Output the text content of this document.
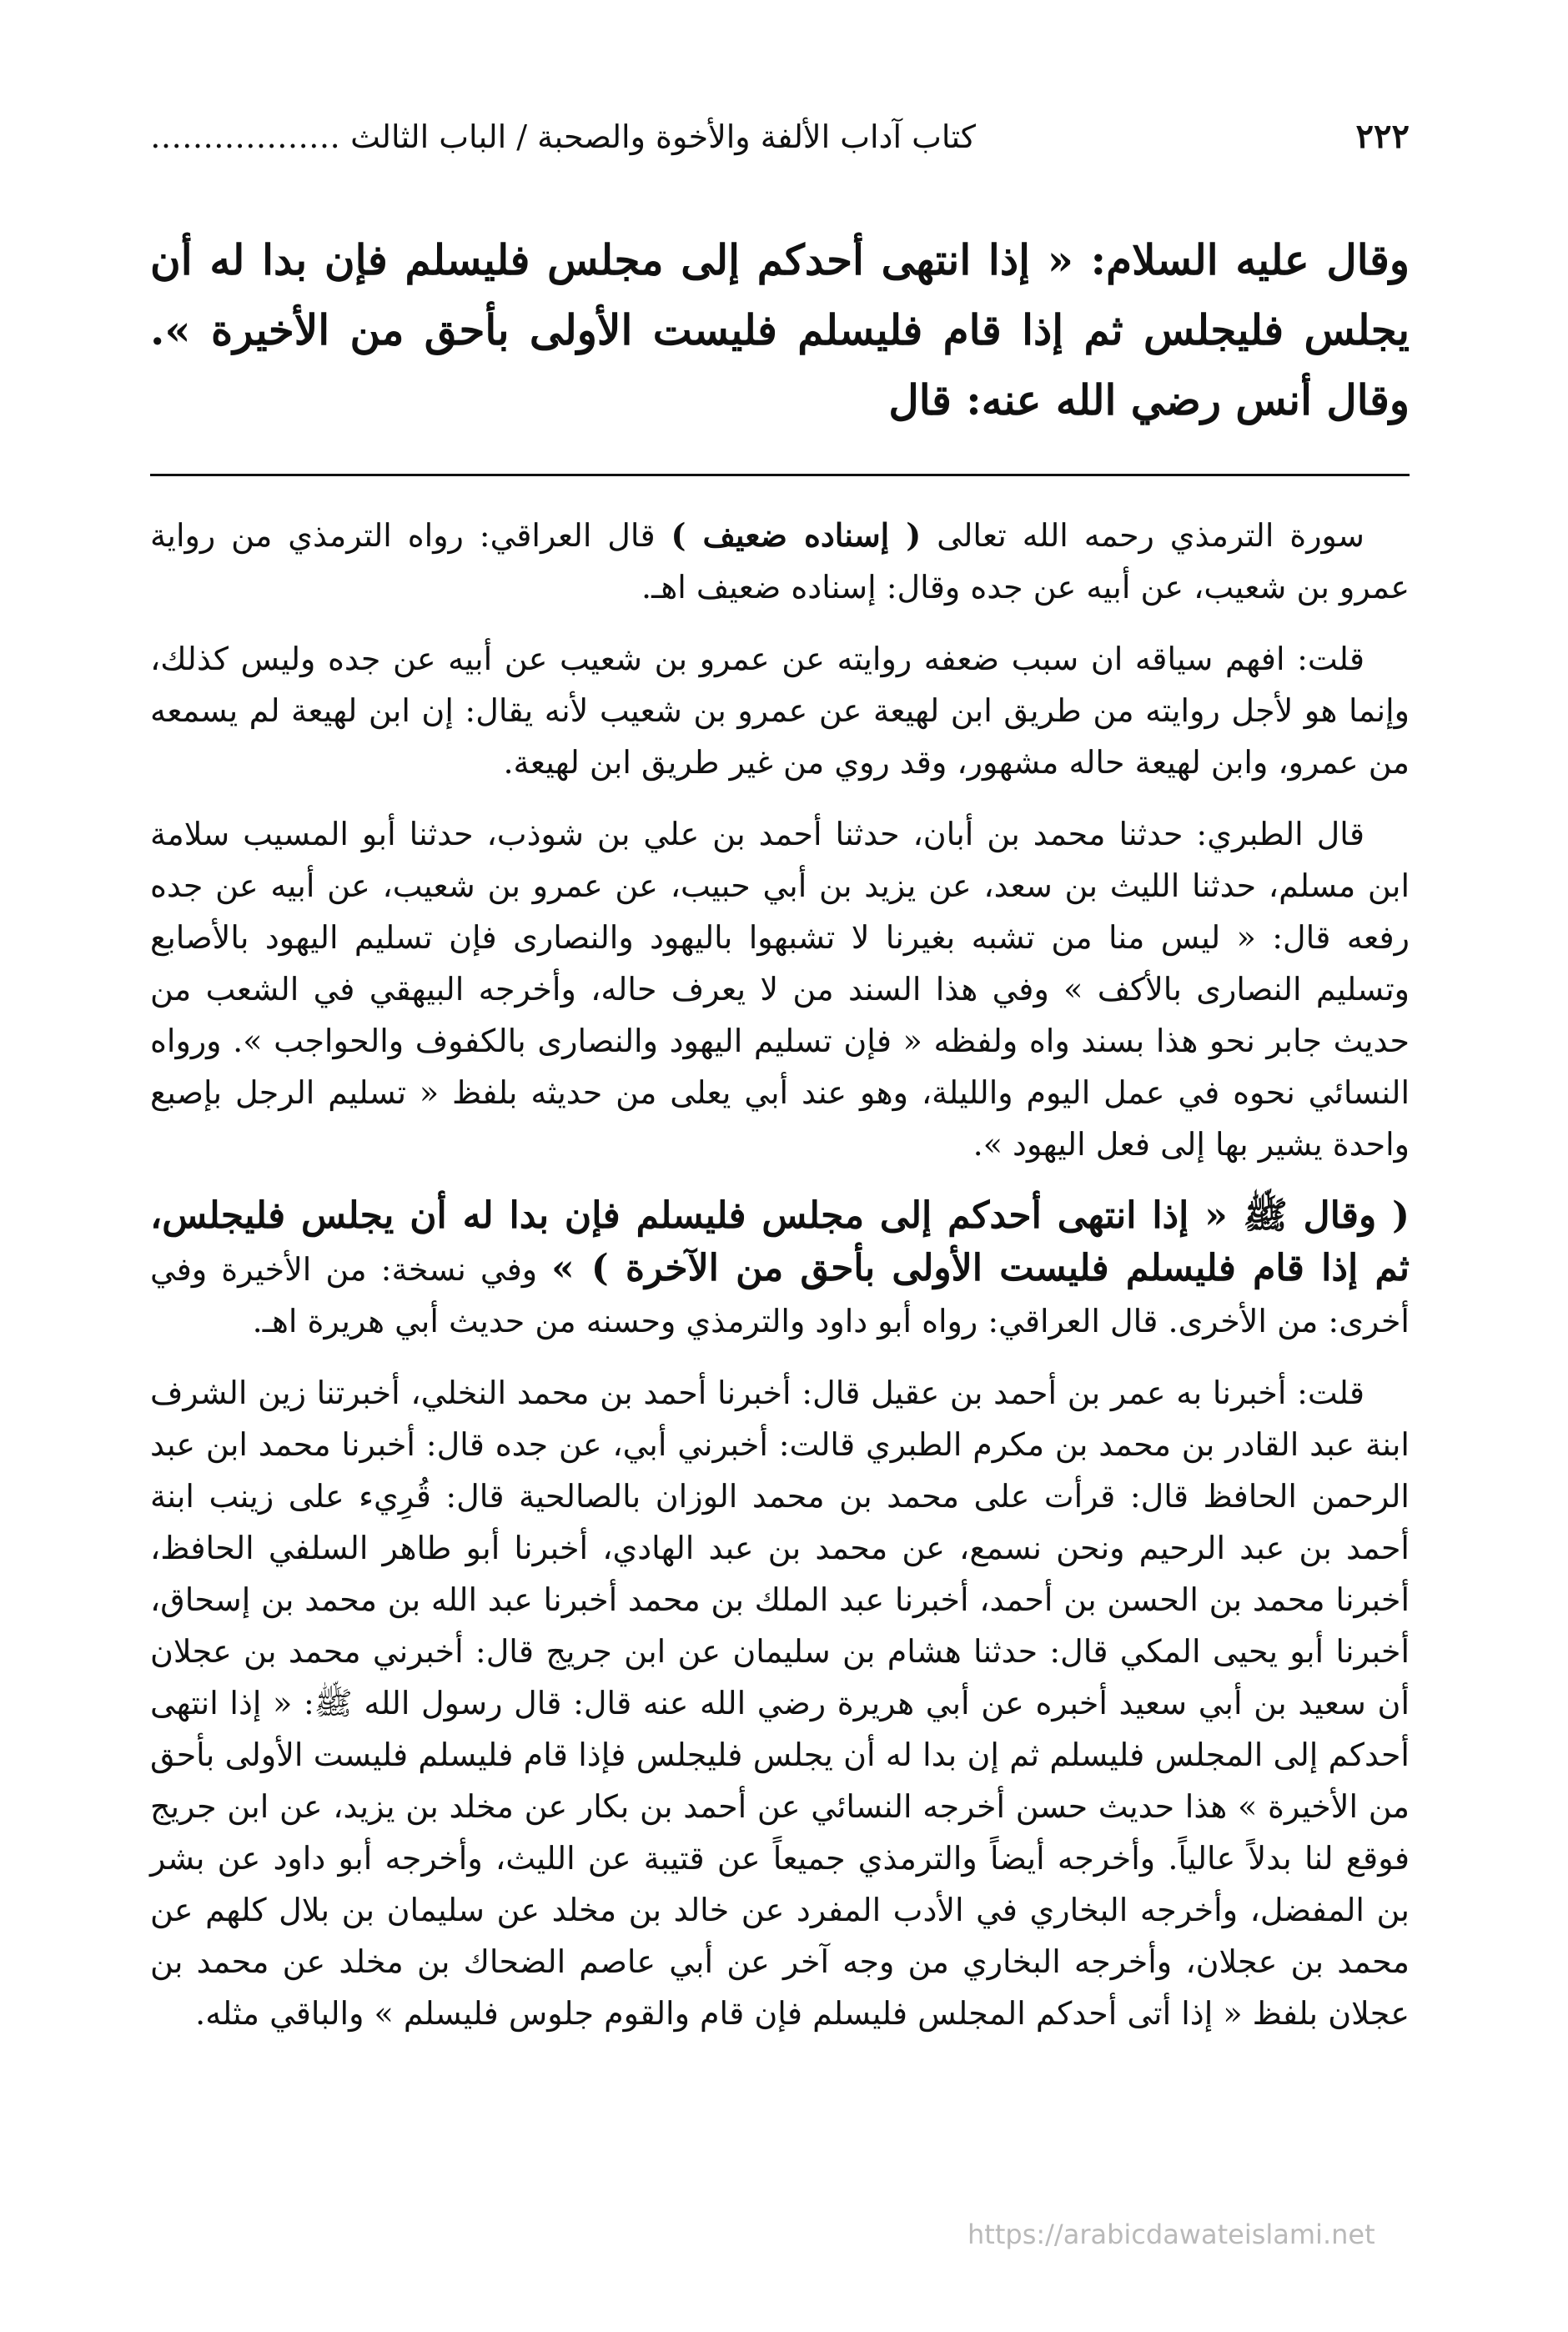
٢٢٢
كتاب آداب الألفة والأخوة والصحبة / الباب الثالث ………………
وقال عليه السلام: « إذا انتهى أحدكم إلى مجلس فليسلم فإن بدا له أن يجلس فليجلس ثم إذا قام فليسلم فليست الأولى بأحق من الأخيرة ». وقال أنس رضي الله عنه: قال

سورة الترمذي رحمه الله تعالى ( إسناده ضعيف ) قال العراقي: رواه الترمذي من رواية عمرو بن شعيب، عن أبيه عن جده وقال: إسناده ضعيف اهـ.

قلت: افهم سياقه ان سبب ضعفه روايته عن عمرو بن شعيب عن أبيه عن جده وليس كذلك، وإنما هو لأجل روايته من طريق ابن لهيعة عن عمرو بن شعيب لأنه يقال: إن ابن لهيعة لم يسمعه من عمرو، وابن لهيعة حاله مشهور، وقد روي من غير طريق ابن لهيعة.

قال الطبري: حدثنا محمد بن أبان، حدثنا أحمد بن علي بن شوذب، حدثنا أبو المسيب سلامة ابن مسلم، حدثنا الليث بن سعد، عن يزيد بن أبي حبيب، عن عمرو بن شعيب، عن أبيه عن جده رفعه قال: « ليس منا من تشبه بغيرنا لا تشبهوا باليهود والنصارى فإن تسليم اليهود بالأصابع وتسليم النصارى بالأكف » وفي هذا السند من لا يعرف حاله، وأخرجه البيهقي في الشعب من حديث جابر نحو هذا بسند واه ولفظه « فإن تسليم اليهود والنصارى بالكفوف والحواجب ». ورواه النسائي نحوه في عمل اليوم والليلة، وهو عند أبي يعلى من حديثه بلفظ « تسليم الرجل بإصبع واحدة يشير بها إلى فعل اليهود ».

( وقال ﷺ « إذا انتهى أحدكم إلى مجلس فليسلم فإن بدا له أن يجلس فليجلس، ثم إذا قام فليسلم فليست الأولى بأحق من الآخرة ) » وفي نسخة: من الأخيرة وفي أخرى: من الأخرى. قال العراقي: رواه أبو داود والترمذي وحسنه من حديث أبي هريرة اهـ.

قلت: أخبرنا به عمر بن أحمد بن عقيل قال: أخبرنا أحمد بن محمد النخلي، أخبرتنا زين الشرف ابنة عبد القادر بن محمد بن مكرم الطبري قالت: أخبرني أبي، عن جده قال: أخبرنا محمد ابن عبد الرحمن الحافظ قال: قرأت على محمد بن محمد الوزان بالصالحية قال: قُرِيء على زينب ابنة أحمد بن عبد الرحيم ونحن نسمع، عن محمد بن عبد الهادي، أخبرنا أبو طاهر السلفي الحافظ، أخبرنا محمد بن الحسن بن أحمد، أخبرنا عبد الملك بن محمد أخبرنا عبد الله بن محمد بن إسحاق، أخبرنا أبو يحيى المكي قال: حدثنا هشام بن سليمان عن ابن جريج قال: أخبرني محمد بن عجلان أن سعيد بن أبي سعيد أخبره عن أبي هريرة رضي الله عنه قال: قال رسول الله ﷺ: « إذا انتهى أحدكم إلى المجلس فليسلم ثم إن بدا له أن يجلس فليجلس فإذا قام فليسلم فليست الأولى بأحق من الأخيرة » هذا حديث حسن أخرجه النسائي عن أحمد بن بكار عن مخلد بن يزيد، عن ابن جريج فوقع لنا بدلاً عالياً. وأخرجه أيضاً والترمذي جميعاً عن قتيبة عن الليث، وأخرجه أبو داود عن بشر بن المفضل، وأخرجه البخاري في الأدب المفرد عن خالد بن مخلد عن سليمان بن بلال كلهم عن محمد بن عجلان، وأخرجه البخاري من وجه آخر عن أبي عاصم الضحاك بن مخلد عن محمد بن عجلان بلفظ « إذا أتى أحدكم المجلس فليسلم فإن قام والقوم جلوس فليسلم » والباقي مثله.

https://arabicdawateislami.net
